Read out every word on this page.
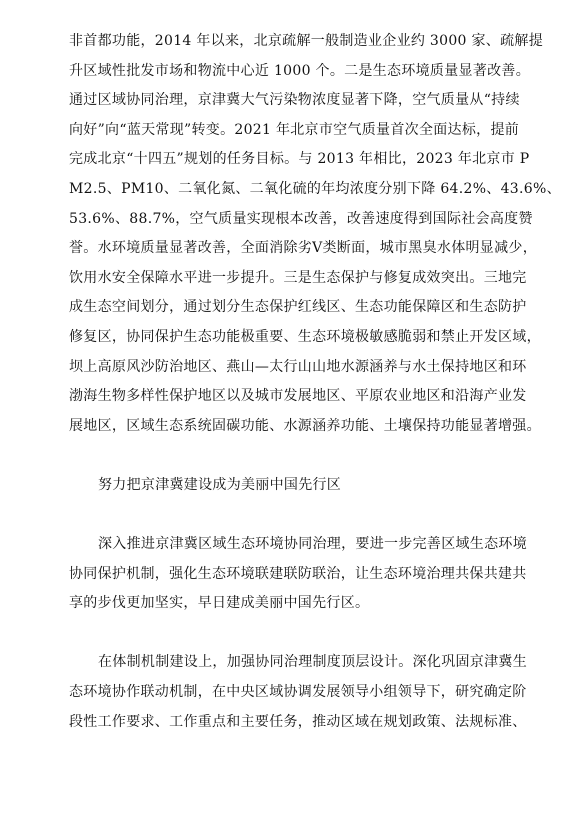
非首都功能，2014 年以来，北京疏解一般制造业企业约 3000 家、疏解提
升区域性批发市场和物流中心近 1000 个。二是生态环境质量显著改善。
通过区域协同治理，京津冀大气污染物浓度显著下降，空气质量从“持续
向好”向“蓝天常现”转变。2021 年北京市空气质量首次全面达标，提前
完成北京“十四五”规划的任务目标。与 2013 年相比，2023 年北京市 P
M2.5、PM10、二氧化氮、二氧化硫的年均浓度分别下降 64.2%、43.6%、
53.6%、88.7%，空气质量实现根本改善，改善速度得到国际社会高度赞
誉。水环境质量显著改善，全面消除劣Ⅴ类断面，城市黑臭水体明显减少，
饮用水安全保障水平进一步提升。三是生态保护与修复成效突出。三地完
成生态空间划分，通过划分生态保护红线区、生态功能保障区和生态防护
修复区，协同保护生态功能极重要、生态环境极敏感脆弱和禁止开发区域，
坝上高原风沙防治地区、燕山—太行山山地水源涵养与水土保持地区和环
渤海生物多样性保护地区以及城市发展地区、平原农业地区和沿海产业发
展地区，区域生态系统固碳功能、水源涵养功能、土壤保持功能显著增强。
努力把京津冀建设成为美丽中国先行区
深入推进京津冀区域生态环境协同治理，要进一步完善区域生态环境
协同保护机制，强化生态环境联建联防联治，让生态环境治理共保共建共
享的步伐更加坚实，早日建成美丽中国先行区。
在体制机制建设上，加强协同治理制度顶层设计。深化巩固京津冀生
态环境协作联动机制，在中央区域协调发展领导小组领导下，研究确定阶
段性工作要求、工作重点和主要任务，推动区域在规划政策、法规标准、
